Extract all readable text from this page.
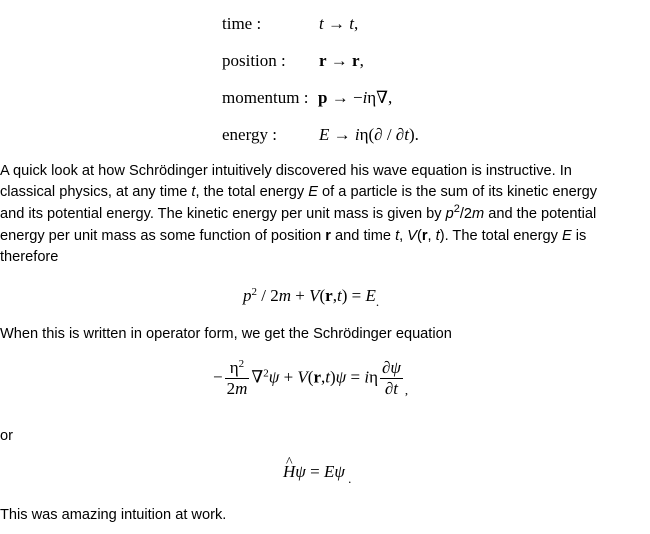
time :	t → t,
position : r → r,
momentum : p → −iη∇,
energy : E → iη(∂ / ∂t).
A quick look at how Schrödinger intuitively discovered his wave equation is instructive. In
classical physics, at any time t, the total energy E of a particle is the sum of its kinetic energy
and its potential energy. The kinetic energy per unit mass is given by $p^2/2m$ and the potential
energy per unit mass as some function of position r and time t, V(r, t). The total energy E is
therefore
$p^2 / 2m + V(r,t) = E_.$
When this is written in operator form, we get the Schrödinger equation
− $\frac{\eta^2}{2m} \nabla^2\psi + V(r,t)\psi = i\eta \frac{\partial\psi}{\partial t} _,$
or
^ Hψ = Eψ $_.$
This was amazing intuition at work.
